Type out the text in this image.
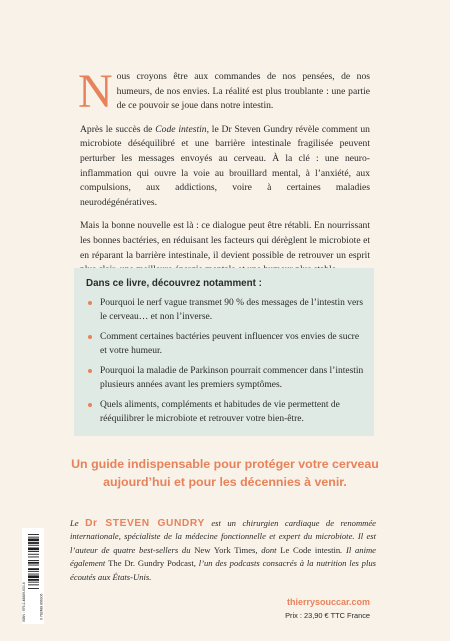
Nous croyons être aux commandes de nos pensées, de nos humeurs, de nos envies. La réalité est plus troublante : une partie de ce pouvoir se joue dans notre intestin.

Après le succès de Code intestin, le Dr Steven Gundry révèle comment un microbiote déséquilibré et une barrière intestinale fragilisée peuvent perturber les messages envoyés au cerveau. À la clé : une neuro-inflammation qui ouvre la voie au brouillard mental, à l’anxiété, aux compulsions, aux addictions, voire à certaines maladies neurodégénératives.

Mais la bonne nouvelle est là : ce dialogue peut être rétabli. En nourrissant les bonnes bactéries, en réduisant les facteurs qui dérèglent le microbiote et en réparant la barrière intestinale, il devient possible de retrouver un esprit

Dans ce livre, découvrez notamment :

Pourquoi le nerf vague transmet 90 % des messages de l’intestin vers le cerveau… et non l’inverse.
Comment certaines bactéries peuvent influencer vos envies de sucre et votre humeur.
Pourquoi la maladie de Parkinson pourrait commencer dans l’intestin plusieurs années avant les premiers symptômes.
Quels aliments, compléments et habitudes de vie permettent de rééquilibrer le microbiote et retrouver votre bien-être.

Un guide indispensable pour protéger votre cerveau
aujourd’hui et pour les décennies à venir.

Le Dr STEVEN GUNDRY est un chirurgien cardiaque de renommée internationale, spécialiste de la médecine fonctionnelle et expert du microbiote. Il est l’auteur de quatre best-sellers du New York Times, dont Le Code intestin. Il anime également The Dr. Gundry Podcast, l’un des podcasts consacrés à la nutrition les plus écoutés aux États-Unis.

ISBN : 979-2-48889-630-6	9 782488 896306	thierrysouccar.com

Prix : 23,90 € TTC France
